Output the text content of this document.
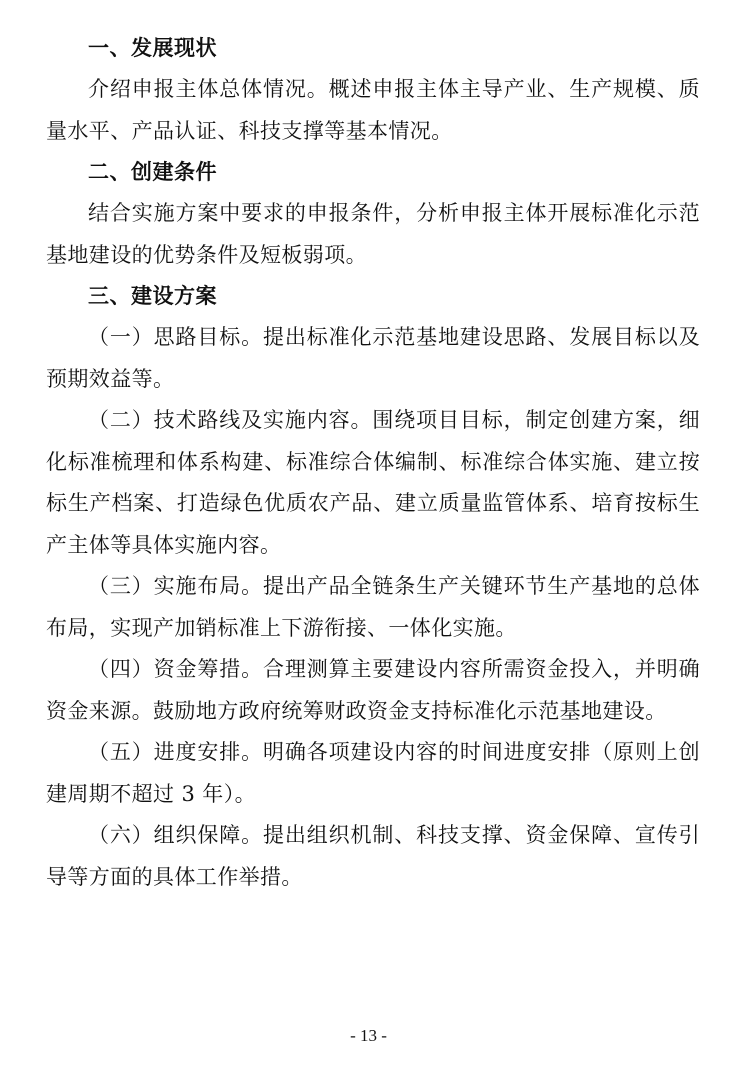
一、发展现状

介绍申报主体总体情况。概述申报主体主导产业、生产规模、质量水平、产品认证、科技支撑等基本情况。

二、创建条件

结合实施方案中要求的申报条件，分析申报主体开展标准化示范基地建设的优势条件及短板弱项。

三、建设方案

（一）思路目标。提出标准化示范基地建设思路、发展目标以及预期效益等。

（二）技术路线及实施内容。围绕项目目标，制定创建方案，细化标准梳理和体系构建、标准综合体编制、标准综合体实施、建立按标生产档案、打造绿色优质农产品、建立质量监管体系、培育按标生产主体等具体实施内容。

（三）实施布局。提出产品全链条生产关键环节生产基地的总体布局，实现产加销标准上下游衔接、一体化实施。

（四）资金筹措。合理测算主要建设内容所需资金投入，并明确资金来源。鼓励地方政府统筹财政资金支持标准化示范基地建设。

（五）进度安排。明确各项建设内容的时间进度安排（原则上创建周期不超过 3 年）。

（六）组织保障。提出组织机制、科技支撑、资金保障、宣传引导等方面的具体工作举措。

- 13 -
